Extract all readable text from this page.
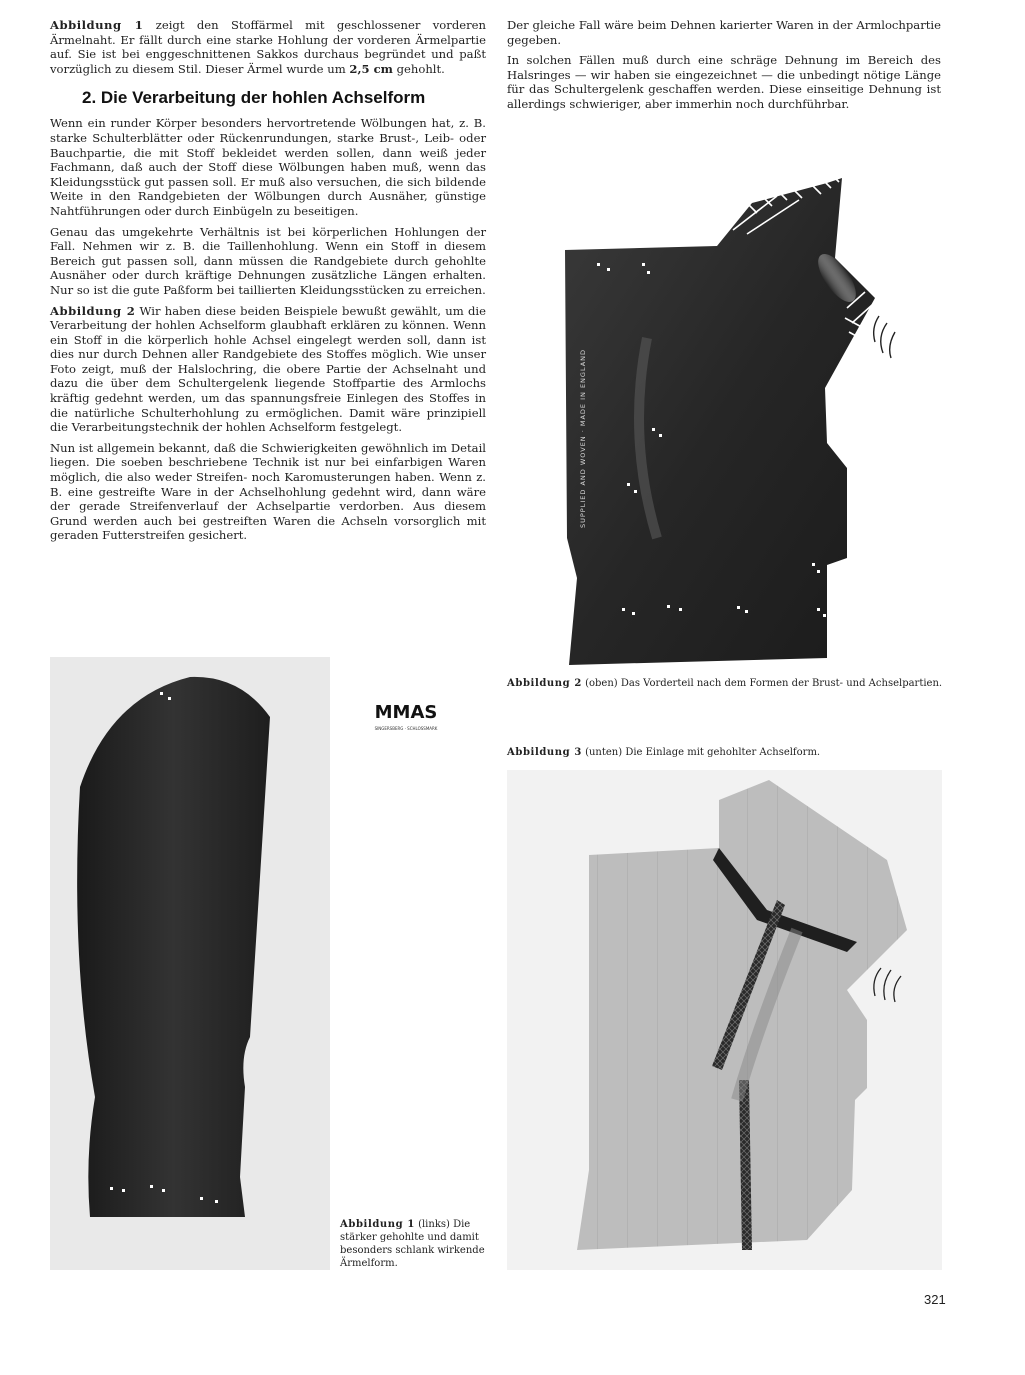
Abbildung 1 zeigt den Stoffärmel mit geschlossener vorderen Ärmelnaht. Er fällt durch eine starke Hohlung der vorderen Ärmelpartie auf. Sie ist bei enggeschnittenen Sakkos durchaus begründet und paßt vorzüglich zu diesem Stil. Dieser Ärmel wurde um 2,5 cm gehohlt.

2. Die Verarbeitung der hohlen Achselform

Wenn ein runder Körper besonders hervortretende Wölbungen hat, z. B. starke Schulterblätter oder Rückenrundungen, starke Brust-, Leib- oder Bauchpartie, die mit Stoff bekleidet werden sollen, dann weiß jeder Fachmann, daß auch der Stoff diese Wölbungen haben muß, wenn das Kleidungsstück gut passen soll. Er muß also versuchen, die sich bildende Weite in den Randgebieten der Wölbungen durch Ausnäher, günstige Nahtführungen oder durch Einbügeln zu beseitigen.

Genau das umgekehrte Verhältnis ist bei körperlichen Hohlungen der Fall. Nehmen wir z. B. die Taillenhohlung. Wenn ein Stoff in diesem Bereich gut passen soll, dann müssen die Randgebiete durch gehohlte Ausnäher oder durch kräftige Dehnungen zusätzliche Längen erhalten. Nur so ist die gute Paßform bei taillierten Kleidungsstücken zu erreichen.

Abbildung 2 Wir haben diese beiden Beispiele bewußt gewählt, um die Verarbeitung der hohlen Achselform glaubhaft erklären zu können. Wenn ein Stoff in die körperlich hohle Achsel eingelegt werden soll, dann ist dies nur durch Dehnen aller Randgebiete des Stoffes möglich. Wie unser Foto zeigt, muß der Halslochring, die obere Partie der Achselnaht und dazu die über dem Schultergelenk liegende Stoffpartie des Armlochs kräftig gedehnt werden, um das spannungsfreie Einlegen des Stoffes in die natürliche Schulterhohlung zu ermöglichen. Damit wäre prinzipiell die Verarbeitungstechnik der hohlen Achselform festgelegt.

Nun ist allgemein bekannt, daß die Schwierigkeiten gewöhnlich im Detail liegen. Die soeben beschriebene Technik ist nur bei einfarbigen Waren möglich, die also weder Streifen- noch Karomusterungen haben. Wenn z. B. eine gestreifte Ware in der Achselhohlung gedehnt wird, dann wäre der gerade Streifenverlauf der Achselpartie verdorben. Aus diesem Grund werden auch bei gestreiften Waren die Achseln vorsorglich mit geraden Futterstreifen gesichert.

Der gleiche Fall wäre beim Dehnen karierter Waren in der Armlochpartie gegeben.

In solchen Fällen muß durch eine schräge Dehnung im Bereich des Halsringes — wir haben sie eingezeichnet — die unbedingt nötige Länge für das Schultergelenk geschaffen werden. Diese einseitige Dehnung ist allerdings schwieriger, aber immerhin noch durchführbar.

SUPPLIED AND WOVEN · MADE IN ENGLAND
Abbildung 2 (oben) Das Vorderteil nach dem Formen der Brust- und Achselpartien.
Abbildung 3 (unten) Die Einlage mit gehohlter Achselform.
MMAS
SINGERSBERG · SCHLOSSMARK
Abbildung 1 (links) Die stärker gehohlte und damit besonders schlank wirkende Ärmelform.
321
